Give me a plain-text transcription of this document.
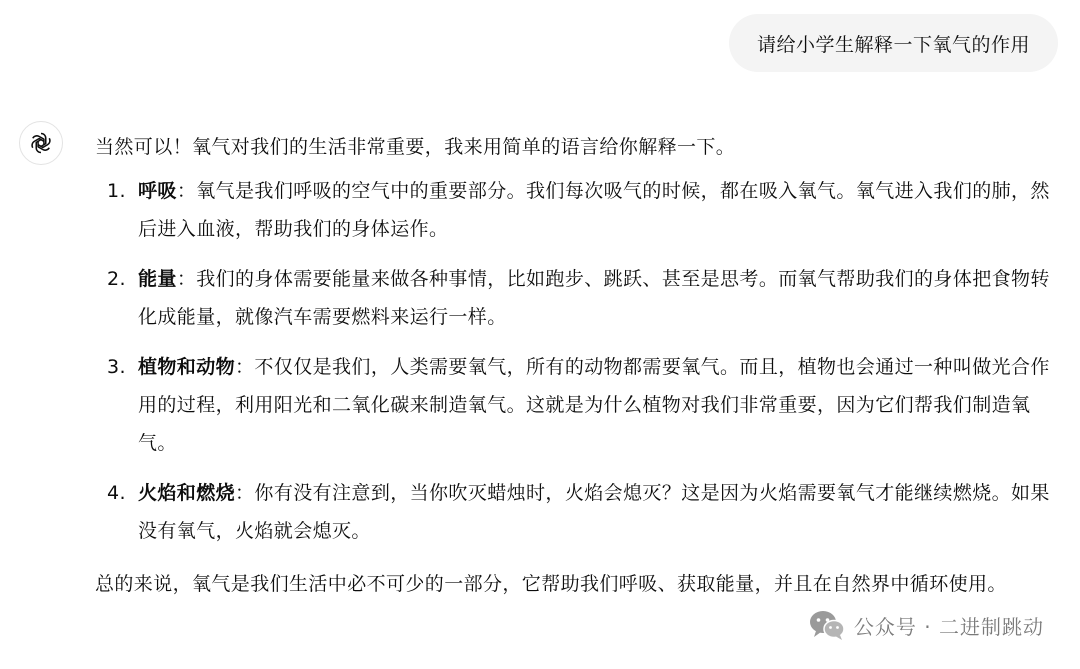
请给小学生解释一下氧气的作用

当然可以！氧气对我们的生活非常重要，我来用简单的语言给你解释一下。

1. 呼吸：氧气是我们呼吸的空气中的重要部分。我们每次吸气的时候，都在吸入氧气。氧气进入我们的肺，然后进入血液，帮助我们的身体运作。
2. 能量：我们的身体需要能量来做各种事情，比如跑步、跳跃、甚至是思考。而氧气帮助我们的身体把食物转化成能量，就像汽车需要燃料来运行一样。
3. 植物和动物：不仅仅是我们，人类需要氧气，所有的动物都需要氧气。而且，植物也会通过一种叫做光合作用的过程，利用阳光和二氧化碳来制造氧气。这就是为什么植物对我们非常重要，因为它们帮我们制造氧气。
4. 火焰和燃烧：你有没有注意到，当你吹灭蜡烛时，火焰会熄灭？这是因为火焰需要氧气才能继续燃烧。如果没有氧气，火焰就会熄灭。

总的来说，氧气是我们生活中必不可少的一部分，它帮助我们呼吸、获取能量，并且在自然界中循环使用。

公众号 · 二进制跳动
